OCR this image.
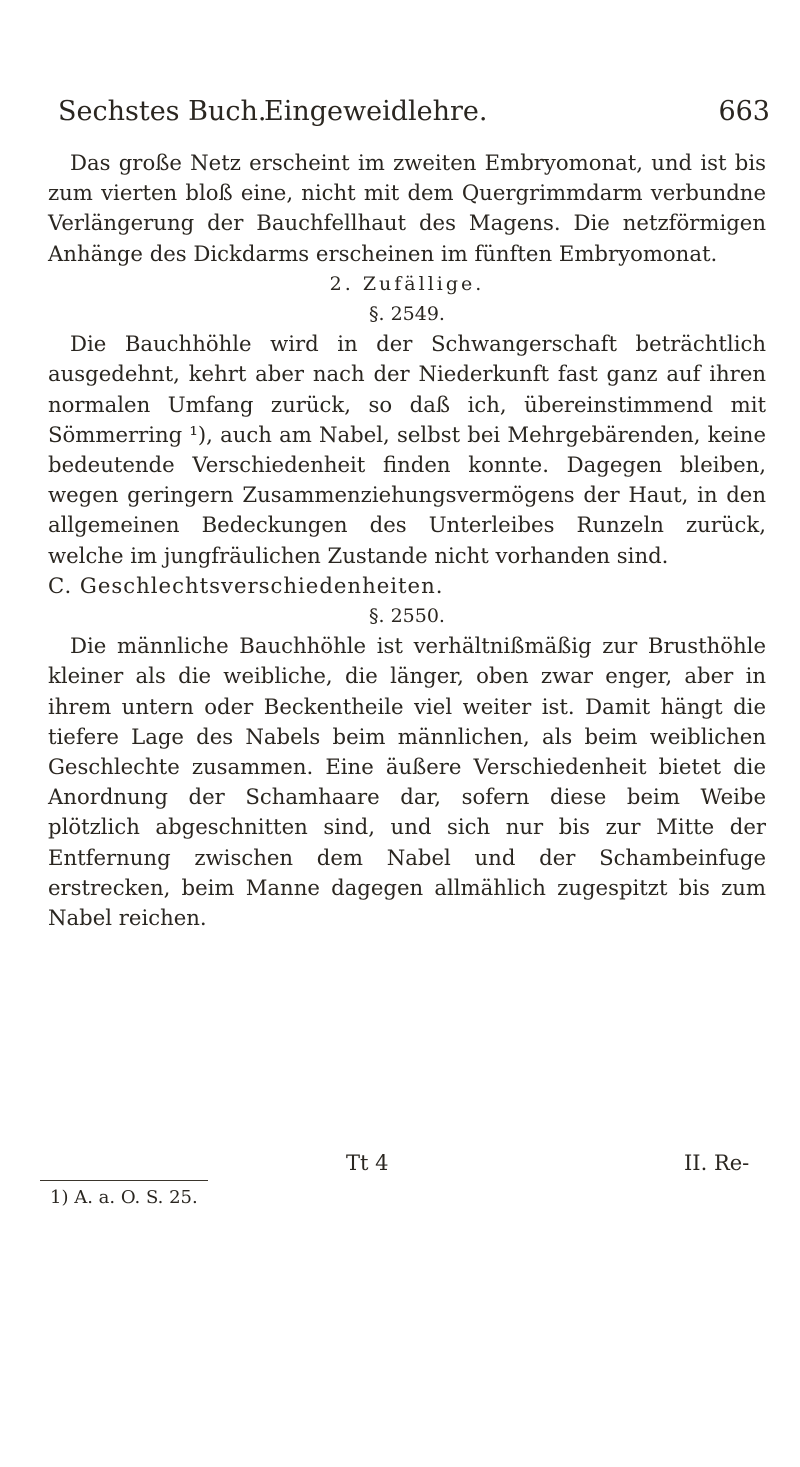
Sechstes Buch.
Eingeweidlehre.	663

Das große Netz erscheint im zweiten Embryomonat, und ist bis zum vierten bloß eine, nicht mit dem Quergrimmdarm verbundne Verlängerung der Bauchfellhaut des Magens. Die netzförmigen Anhänge des Dickdarms erscheinen im fünften Embryomonat.

2. Zufällige.

§. 2549.

Die Bauchhöhle wird in der Schwangerschaft beträchtlich ausgedehnt, kehrt aber nach der Niederkunft fast ganz auf ihren normalen Umfang zurück, so daß ich, übereinstimmend mit Sömmerring ¹), auch am Nabel, selbst bei Mehrgebärenden, keine bedeutende Verschiedenheit finden konnte. Dagegen bleiben, wegen geringern Zusammenziehungsvermögens der Haut, in den allgemeinen Bedeckungen des Unterleibes Runzeln zurück, welche im jungfräulichen Zustande nicht vorhanden sind.

C. Geschlechtsverschiedenheiten.

§. 2550.

Die männliche Bauchhöhle ist verhältnißmäßig zur Brusthöhle kleiner als die weibliche, die länger, oben zwar enger, aber in ihrem untern oder Beckentheile viel weiter ist. Damit hängt die tiefere Lage des Nabels beim männlichen, als beim weiblichen Geschlechte zusammen. Eine äußere Verschiedenheit bietet die Anordnung der Schamhaare dar, sofern diese beim Weibe plötzlich abgeschnitten sind, und sich nur bis zur Mitte der Entfernung zwischen dem Nabel und der Schambeinfuge erstrecken, beim Manne dagegen allmählich zugespitzt bis zum Nabel reichen.

Tt 4	II. Re-
1) A. a. O. S. 25.
